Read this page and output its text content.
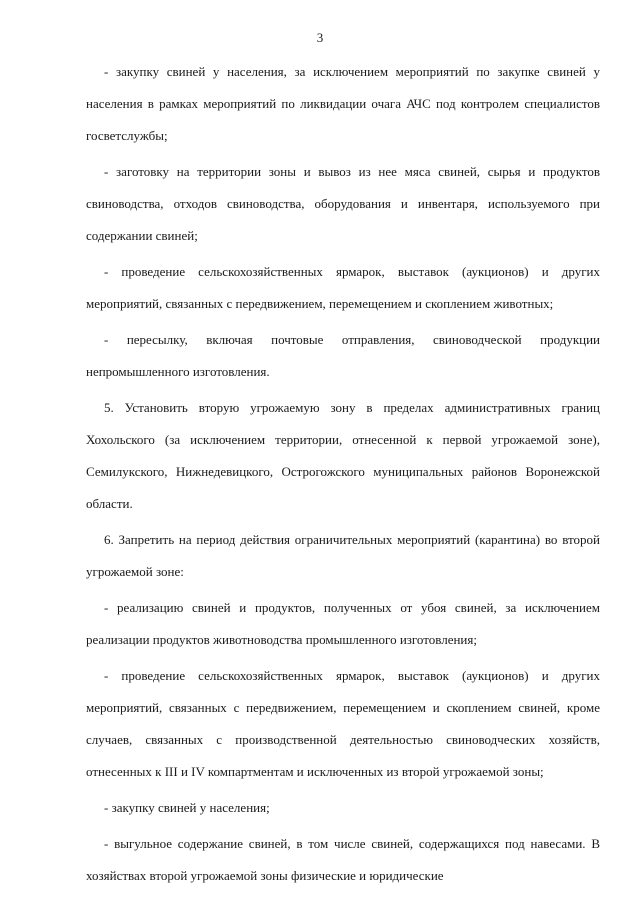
3

- закупку свиней у населения, за исключением мероприятий по закупке свиней у населения в рамках мероприятий по ликвидации очага АЧС под контролем специалистов госветслужбы;

- заготовку на территории зоны и вывоз из нее мяса свиней, сырья и продуктов свиноводства, отходов свиноводства, оборудования и инвентаря, используемого при содержании свиней;

- проведение сельскохозяйственных ярмарок, выставок (аукционов) и других мероприятий, связанных с передвижением, перемещением и скоплением животных;

- пересылку, включая почтовые отправления, свиноводческой продукции непромышленного изготовления.

5. Установить вторую угрожаемую зону в пределах административных границ Хохольского (за исключением территории, отнесенной к первой угрожаемой зоне), Семилукского, Нижнедевицкого, Острогожского муниципальных районов Воронежской области.

6. Запретить на период действия ограничительных мероприятий (карантина) во второй угрожаемой зоне:

- реализацию свиней и продуктов, полученных от убоя свиней, за исключением реализации продуктов животноводства промышленного изготовления;

- проведение сельскохозяйственных ярмарок, выставок (аукционов) и других мероприятий, связанных с передвижением, перемещением и скоплением свиней, кроме случаев, связанных с производственной деятельностью свиноводческих хозяйств, отнесенных к III и IV компартментам и исключенных из второй угрожаемой зоны;

- закупку свиней у населения;

- выгульное содержание свиней, в том числе свиней, содержащихся под навесами. В хозяйствах второй угрожаемой зоны физические и юридические
